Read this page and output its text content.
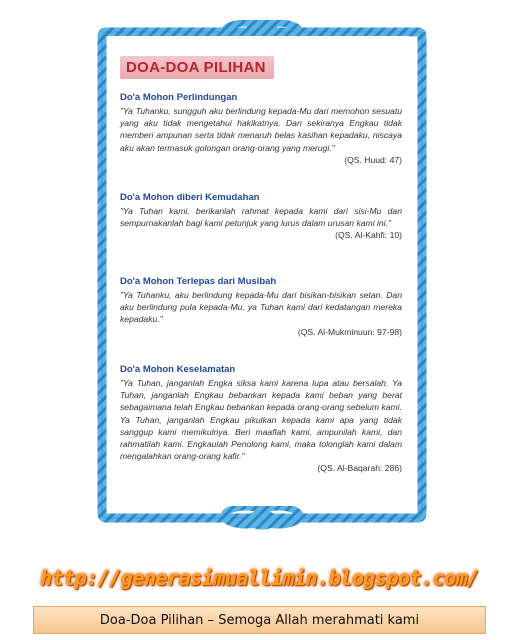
DOA-DOA PILIHAN

Do'a Mohon Perlindungan

"Ya Tuhanku, sungguh aku berlindung kepada-Mu dari memohon sesuatu yang aku tidak mengetahui hakikatnya. Dan sekiranya Engkau tidak memberi ampunan serta tidak menaruh belas kasihan kepadaku, niscaya aku akan termasuk golongan orang-orang yang merugi."

(QS. Huud: 47)

Do'a Mohon diberi Kemudahan

"Ya Tuhan kami, berikanlah rahmat kepada kami dari sisi-Mu dan sempurnakanlah bagi kami petunjuk yang lurus dalam urusan kami ini."

(QS. Al-Kahfi: 10)

Do'a Mohon Terlepas dari Musibah

"Ya Tuhanku, aku berlindung kepada-Mu dari bisikan-bisikan setan. Dan aku berlindung pula kepada-Mu, ya Tuhan kami dari kedatangan mereka kepadaku."

(QS. Al-Mukminuun: 97-98)

Do'a Mohon Keselamatan

"Ya Tuhan, janganlah Engka siksa kami karena lupa atau bersalah. Ya Tuhan, janganlah Engkau bebankan kepada kami beban yang berat sebagaimana telah Engkau bebankan kepada orang-orang sebelum kami. Ya Tuhan, janganlah Engkau pikulkan kepada kami apa yang tidak sanggup kami memikulnya. Beri maaflah kami, ampunilah kami, dan rahmatilah kami. Engkaulah Penolong kami, maka tolonglah kami dalam mengalahkan orang-orang kafir."

(QS. Al-Baqarah: 286)
http://generasimuallimin.blogspot.com/
Doa-Doa Pilihan – Semoga Allah merahmati kami
